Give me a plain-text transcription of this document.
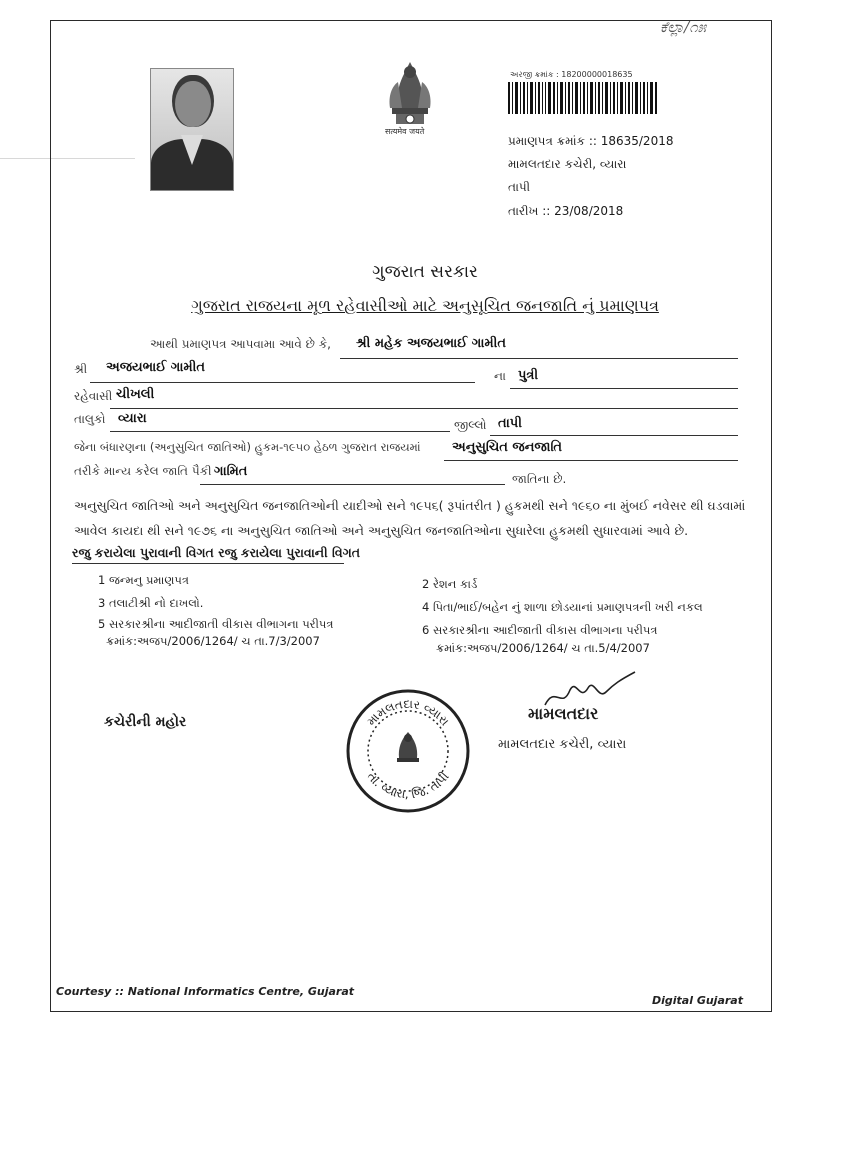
ಕೆಲ್ಲಾ/೧೫
सत्यमेव जयते
અરજી ક્રમાંક : 18200000018635
પ્રમાણપત્ર ક્રમાંક :: 18635/2018
મામલતદાર કચેરી, વ્યારા
તાપી
તારીખ :: 23/08/2018
ગુજરાત સરકાર
ગુજરાત રાજયના મૂળ રહેવાસીઓ માટે અનુસૂચિત જનજાતિ નું પ્રમાણપત્ર
આથી પ્રમાણપત્ર આપવામા આવે છે કે, શ્રી મહેક અજયભાઈ ગામીત
શ્રી અજયભાઈ ગામીત
ના પુત્રી
રહેવાસી ચીખલી
તાલુકો વ્યારા	જીલ્લો તાપી
જેના બંધારણના (અનુસુચિત જાતિઓ) હુકમ-૧૯૫૦ હેઠળ ગુજરાત રાજયમાં અનુસુચિત જનજાતિ
તરીકે માન્ય કરેલ જાતિ પૈકી ગામિત	જાતિના છે.
અનુસુચિત જાતિઓ અને અનુસુચિત જનજાતિઓની યાદીઓ સને ૧૯૫૬( રૂપાંતરીત ) હુકમથી સને ૧૯૬૦ ના મુંબઈ નવેસર થી ઘડવામાં
આવેલ કાયદા થી સને ૧૯૭૬ ના અનુસુચિત જાતિઓ અને અનુસુચિત જનજાતિઓના સુધારેલા હુકમથી સુધારવામાં આવે છે.
રજુ કરાયેલા પુરાવાની વિગત રજુ કરાયેલા પુરાવાની વિગત
1 જન્મનુ પ્રમાણપત્ર	2 રેશન કાર્ડ
3 તલાટીશ્રી નો દાખલો.	4 પિતા/ભાઈ/બહેન નું શાળા છોડયાનાં પ્રમાણપત્રની ખરી નકલ
5 સરકારશ્રીના આદીજાતી વીકાસ વીભાગના પરીપત્ર
ક્રમાંક:અજપ/2006/1264/ ચ તા.7/3/2007
6 સરકારશ્રીના આદીજાતી વીકાસ વીભાગના પરીપત્ર
ક્રમાંક:અજપ/2006/1264/ ચ તા.5/4/2007
કચેરીની મહોર	મામલતદાર વ્યારા
તા. વ્યારા, જિ. તાપી
મામલતદાર
મામલતદાર કચેરી, વ્યારા
Courtesy :: National Informatics Centre, Gujarat
Digital Gujarat
